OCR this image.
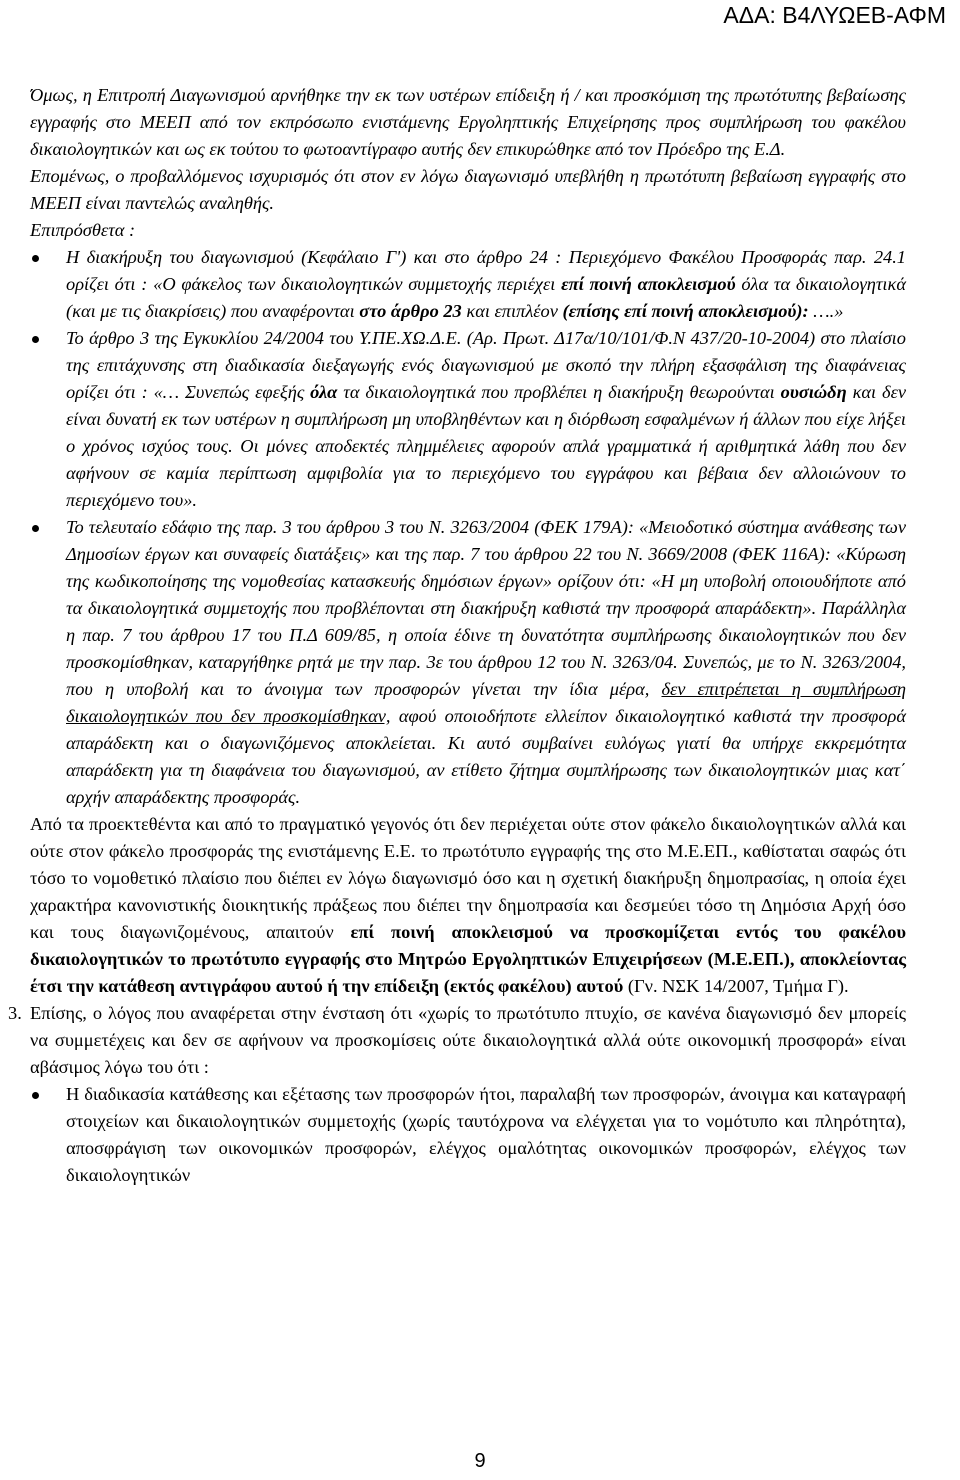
ΑΔΑ: Β4ΛΥΩΕΒ-ΑΦΜ

Όμως, η Επιτροπή Διαγωνισμού αρνήθηκε την εκ των υστέρων επίδειξη ή / και προσκόμιση της πρωτότυπης βεβαίωσης εγγραφής στο ΜΕΕΠ από τον εκπρόσωπο ενιστάμενης Εργοληπτικής Επιχείρησης προς συμπλήρωση του φακέλου δικαιολογητικών και ως εκ τούτου το φωτοαντίγραφο αυτής δεν επικυρώθηκε από τον Πρόεδρο της Ε.Δ.

Επομένως, ο προβαλλόμενος ισχυρισμός ότι στον εν λόγω διαγωνισμό υπεβλήθη η πρωτότυπη βεβαίωση εγγραφής στο ΜΕΕΠ είναι παντελώς αναληθής.

Επιπρόσθετα :

Η διακήρυξη του διαγωνισμού (Κεφάλαιο Γ') και στο άρθρο 24 : Περιεχόμενο Φακέλου Προσφοράς παρ. 24.1 ορίζει ότι : «Ο φάκελος των δικαιολογητικών συμμετοχής περιέχει επί ποινή αποκλεισμού όλα τα δικαιολογητικά (και με τις διακρίσεις) που αναφέρονται στο άρθρο 23 και επιπλέον (επίσης επί ποινή αποκλεισμού): ….»
Το άρθρο 3 της Εγκυκλίου 24/2004 του Υ.ΠΕ.ΧΩ.Δ.Ε. (Αρ. Πρωτ. Δ17α/10/101/Φ.Ν 437/20-10-2004) στο πλαίσιο της επιτάχυνσης στη διαδικασία διεξαγωγής ενός διαγωνισμού με σκοπό την πλήρη εξασφάλιση της διαφάνειας ορίζει ότι : «… Συνεπώς εφεξής όλα τα δικαιολογητικά που προβλέπει η διακήρυξη θεωρούνται ουσιώδη και δεν είναι δυνατή εκ των υστέρων η συμπλήρωση μη υποβληθέντων και η διόρθωση εσφαλμένων ή άλλων που είχε λήξει ο χρόνος ισχύος τους. Οι μόνες αποδεκτές πλημμέλειες αφορούν απλά γραμματικά ή αριθμητικά λάθη που δεν αφήνουν σε καμία περίπτωση αμφιβολία για το περιεχόμενο του εγγράφου και βέβαια δεν αλλοιώνουν το περιεχόμενο του».
Το τελευταίο εδάφιο της παρ. 3 του άρθρου 3 του Ν. 3263/2004 (ΦΕΚ 179Α): «Μειοδοτικό σύστημα ανάθεσης των Δημοσίων έργων και συναφείς διατάξεις» και της παρ. 7 του άρθρου 22 του Ν. 3669/2008 (ΦΕΚ 116Α): «Κύρωση της κωδικοποίησης της νομοθεσίας κατασκευής δημόσιων έργων» ορίζουν ότι: «Η μη υποβολή οποιουδήποτε από τα δικαιολογητικά συμμετοχής που προβλέπονται στη διακήρυξη καθιστά την προσφορά απαράδεκτη». Παράλληλα η παρ. 7 του άρθρου 17 του Π.Δ 609/85, η οποία έδινε τη δυνατότητα συμπλήρωσης δικαιολογητικών που δεν προσκομίσθηκαν, καταργήθηκε ρητά με την παρ. 3ε του άρθρου 12 του Ν. 3263/04. Συνεπώς, με το Ν. 3263/2004, που η υποβολή και το άνοιγμα των προσφορών γίνεται την ίδια μέρα, δεν επιτρέπεται η συμπλήρωση δικαιολογητικών που δεν προσκομίσθηκαν, αφού οποιοδήποτε ελλείπον δικαιολογητικό καθιστά την προσφορά απαράδεκτη και ο διαγωνιζόμενος αποκλείεται. Κι αυτό συμβαίνει ευλόγως γιατί θα υπήρχε εκκρεμότητα απαράδεκτη για τη διαφάνεια του διαγωνισμού, αν ετίθετο ζήτημα συμπλήρωσης των δικαιολογητικών μιας κατ΄ αρχήν απαράδεκτης προσφοράς.

Από τα προεκτεθέντα και από το πραγματικό γεγονός ότι δεν περιέχεται ούτε στον φάκελο δικαιολογητικών αλλά και ούτε στον φάκελο προσφοράς της ενιστάμενης Ε.Ε. το πρωτότυπο εγγραφής της στο Μ.Ε.ΕΠ., καθίσταται σαφώς ότι τόσο το νομοθετικό πλαίσιο που διέπει εν λόγω διαγωνισμό όσο και η σχετική διακήρυξη δημοπρασίας, η οποία έχει χαρακτήρα κανονιστικής διοικητικής πράξεως που διέπει την δημοπρασία και δεσμεύει τόσο τη Δημόσια Αρχή όσο και τους διαγωνιζομένους, απαιτούν επί ποινή αποκλεισμού να προσκομίζεται εντός του φακέλου δικαιολογητικών το πρωτότυπο εγγραφής στο Μητρώο Εργοληπτικών Επιχειρήσεων (Μ.Ε.ΕΠ.), αποκλείοντας έτσι την κατάθεση αντιγράφου αυτού ή την επίδειξη (εκτός φακέλου) αυτού (Γν. ΝΣΚ 14/2007, Τμήμα Γ).

3. Επίσης, ο λόγος που αναφέρεται στην ένσταση ότι «χωρίς το πρωτότυπο πτυχίο, σε κανένα διαγωνισμό δεν μπορείς να συμμετέχεις και δεν σε αφήνουν να προσκομίσεις ούτε δικαιολογητικά αλλά ούτε οικονομική προσφορά» είναι αβάσιμος λόγω του ότι :
Η διαδικασία κατάθεσης και εξέτασης των προσφορών ήτοι, παραλαβή των προσφορών, άνοιγμα και καταγραφή στοιχείων και δικαιολογητικών συμμετοχής (χωρίς ταυτόχρονα να ελέγχεται για το νομότυπο και πληρότητα), αποσφράγιση των οικονομικών προσφορών, ελέγχος ομαλότητας οικονομικών προσφορών, ελέγχος των δικαιολογητικών
9
